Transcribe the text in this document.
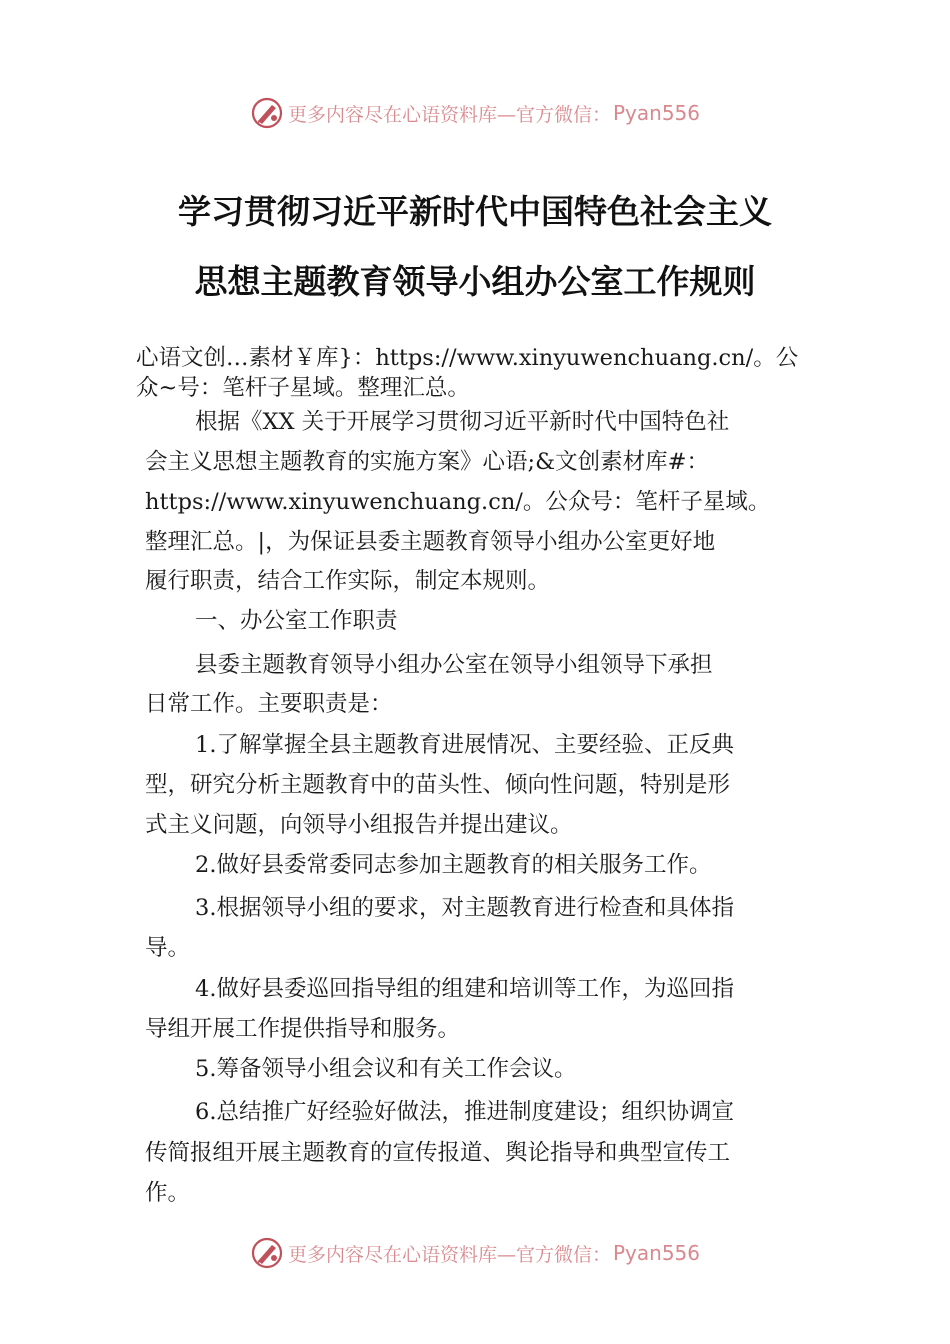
更多内容尽在心语资料库—官方微信： Pyan556
学习贯彻习近平新时代中国特色社会主义
思想主题教育领导小组办公室工作规则
心语文创…素材￥库}：https://www.xinyuwenchuang.cn/。公
众~号：笔杆子星域。整理汇总。
根据《XX 关于开展学习贯彻习近平新时代中国特色社
会主义思想主题教育的实施方案》心语;&文创素材库#：
https://www.xinyuwenchuang.cn/。公众号：笔杆子星域。
整理汇总。|，为保证县委主题教育领导小组办公室更好地
履行职责，结合工作实际，制定本规则。
一、办公室工作职责
县委主题教育领导小组办公室在领导小组领导下承担
日常工作。主要职责是：
1.了解掌握全县主题教育进展情况、主要经验、正反典
型，研究分析主题教育中的苗头性、倾向性问题，特别是形
式主义问题，向领导小组报告并提出建议。
2.做好县委常委同志参加主题教育的相关服务工作。
3.根据领导小组的要求，对主题教育进行检查和具体指
导。
4.做好县委巡回指导组的组建和培训等工作，为巡回指
导组开展工作提供指导和服务。
5.筹备领导小组会议和有关工作会议。
6.总结推广好经验好做法，推进制度建设；组织协调宣
传简报组开展主题教育的宣传报道、舆论指导和典型宣传工
作。
更多内容尽在心语资料库—官方微信： Pyan556
